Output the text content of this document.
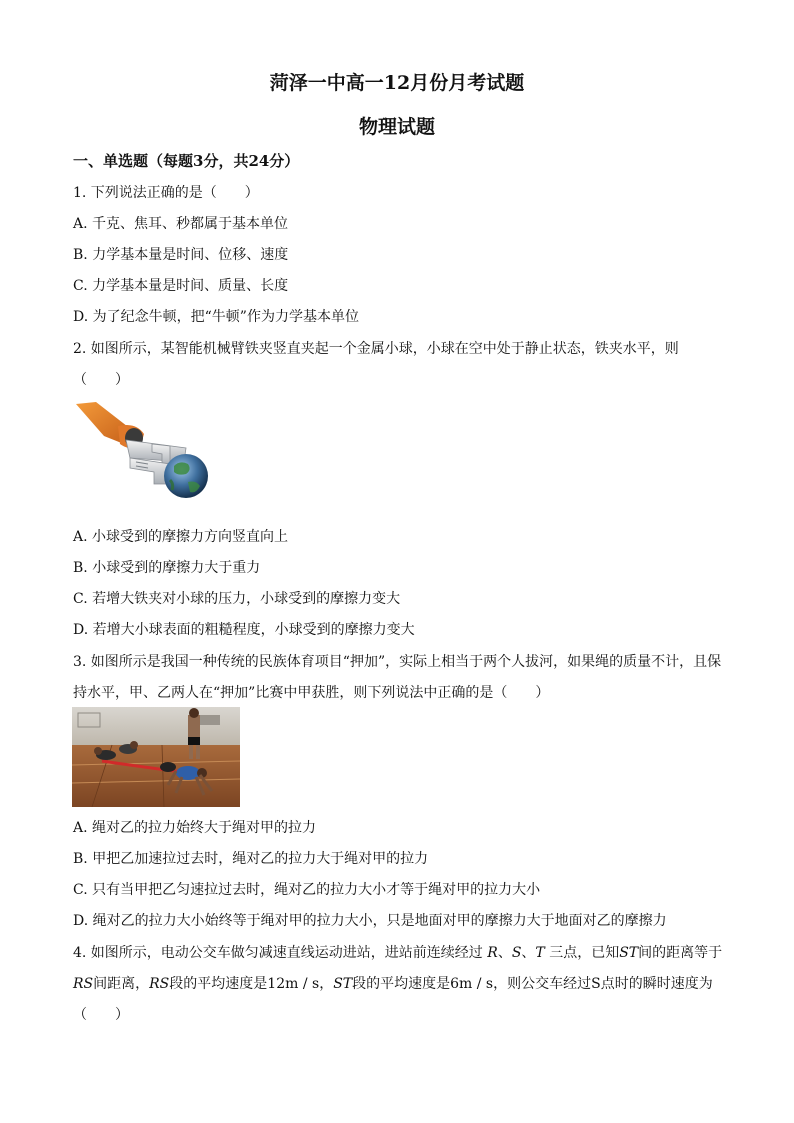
菏泽一中高一12月份月考试题
物理试题
一、单选题（每题3分，共24分）
1. 下列说法正确的是（　　）
A. 千克、焦耳、秒都属于基本单位
B. 力学基本量是时间、位移、速度
C. 力学基本量是时间、质量、长度
D. 为了纪念牛顿，把“牛顿”作为力学基本单位
2. 如图所示，某智能机械臂铁夹竖直夹起一个金属小球，小球在空中处于静止状态，铁夹水平，则
（　　）
A. 小球受到的摩擦力方向竖直向上
B. 小球受到的摩擦力大于重力
C. 若增大铁夹对小球的压力，小球受到的摩擦力变大
D. 若增大小球表面的粗糙程度，小球受到的摩擦力变大
3. 如图所示是我国一种传统的民族体育项目“押加”，实际上相当于两个人拔河，如果绳的质量不计，且保
持水平，甲、乙两人在“押加”比赛中甲获胜，则下列说法中正确的是（　　）
A. 绳对乙的拉力始终大于绳对甲的拉力
B. 甲把乙加速拉过去时，绳对乙的拉力大于绳对甲的拉力
C. 只有当甲把乙匀速拉过去时，绳对乙的拉力大小才等于绳对甲的拉力大小
D. 绳对乙的拉力大小始终等于绳对甲的拉力大小，只是地面对甲的摩擦力大于地面对乙的摩擦力
4. 如图所示，电动公交车做匀减速直线运动进站，进站前连续经过 R、S、T 三点，已知ST间的距离等于
RS间距离，RS段的平均速度是12m / s，ST段的平均速度是6m / s，则公交车经过S点时的瞬时速度为
（　　）
